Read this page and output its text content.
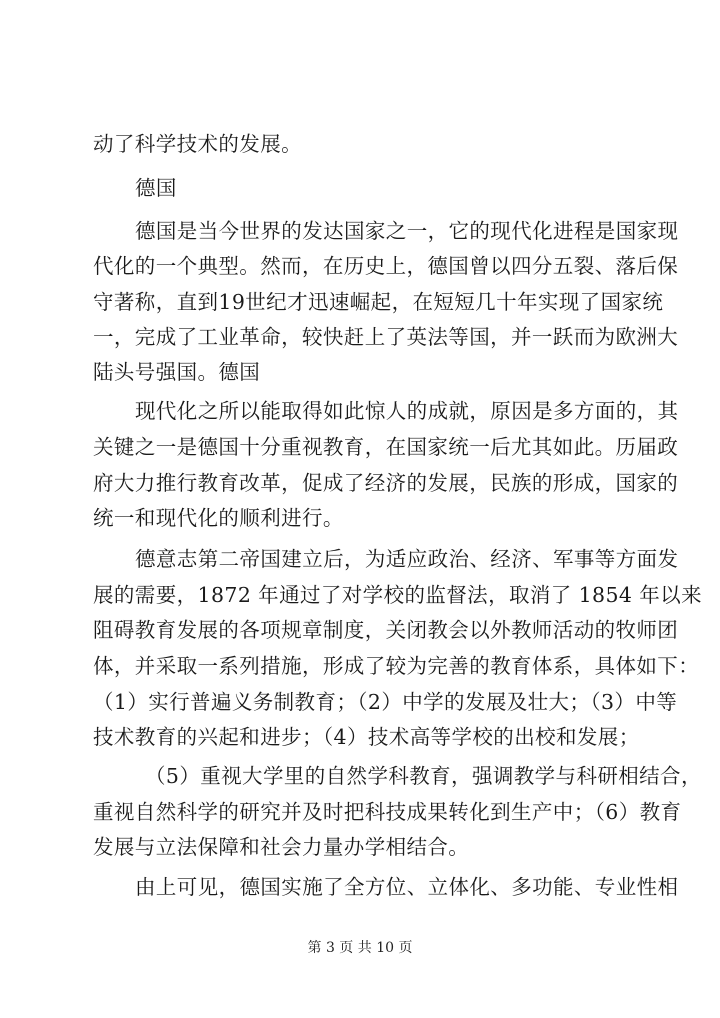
动了科学技术的发展。
德国
德国是当今世界的发达国家之一，它的现代化进程是国家现
代化的一个典型。然而，在历史上，德国曾以四分五裂、落后保
守著称，直到19世纪才迅速崛起，在短短几十年实现了国家统
一，完成了工业革命，较快赶上了英法等国，并一跃而为欧洲大
陆头号强国。德国
现代化之所以能取得如此惊人的成就，原因是多方面的，其
关键之一是德国十分重视教育，在国家统一后尤其如此。历届政
府大力推行教育改革，促成了经济的发展，民族的形成，国家的
统一和现代化的顺利进行。
德意志第二帝国建立后，为适应政治、经济、军事等方面发
展的需要，1872 年通过了对学校的监督法，取消了 1854 年以来
阻碍教育发展的各项规章制度，关闭教会以外教师活动的牧师团
体，并采取一系列措施，形成了较为完善的教育体系，具体如下：
（1）实行普遍义务制教育；（2）中学的发展及壮大；（3）中等
技术教育的兴起和进步；（4）技术高等学校的出校和发展；
（5）重视大学里的自然学科教育，强调教学与科研相结合，
重视自然科学的研究并及时把科技成果转化到生产中；（6）教育
发展与立法保障和社会力量办学相结合。
由上可见，德国实施了全方位、立体化、多功能、专业性相
第 3 页 共 10 页
